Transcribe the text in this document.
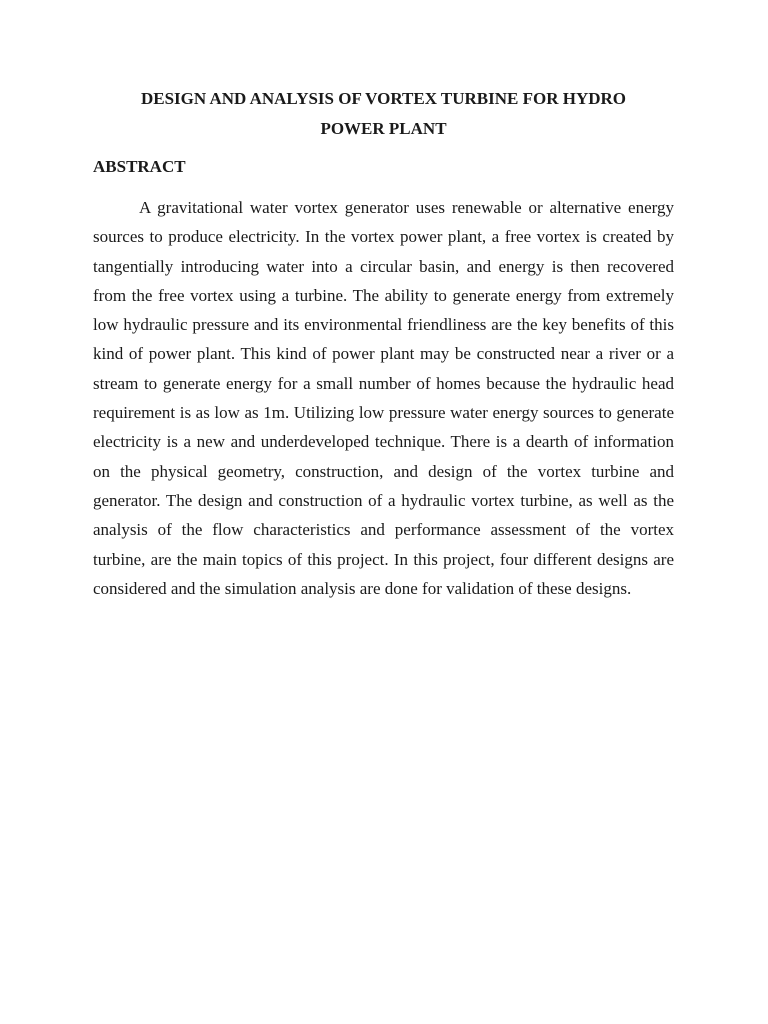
DESIGN AND ANALYSIS OF VORTEX TURBINE FOR HYDRO
POWER PLANT
ABSTRACT

A gravitational water vortex generator uses renewable or alternative energy sources to produce electricity. In the vortex power plant, a free vortex is created by tangentially introducing water into a circular basin, and energy is then recovered from the free vortex using a turbine. The ability to generate energy from extremely low hydraulic pressure and its environmental friendliness are the key benefits of this kind of power plant. This kind of power plant may be constructed near a river or a stream to generate energy for a small number of homes because the hydraulic head requirement is as low as 1m. Utilizing low pressure water energy sources to generate electricity is a new and underdeveloped technique. There is a dearth of information on the physical geometry, construction, and design of the vortex turbine and generator. The design and construction of a hydraulic vortex turbine, as well as the analysis of the flow characteristics and performance assessment of the vortex turbine, are the main topics of this project. In this project, four different designs are considered and the simulation analysis are done for validation of these designs.
